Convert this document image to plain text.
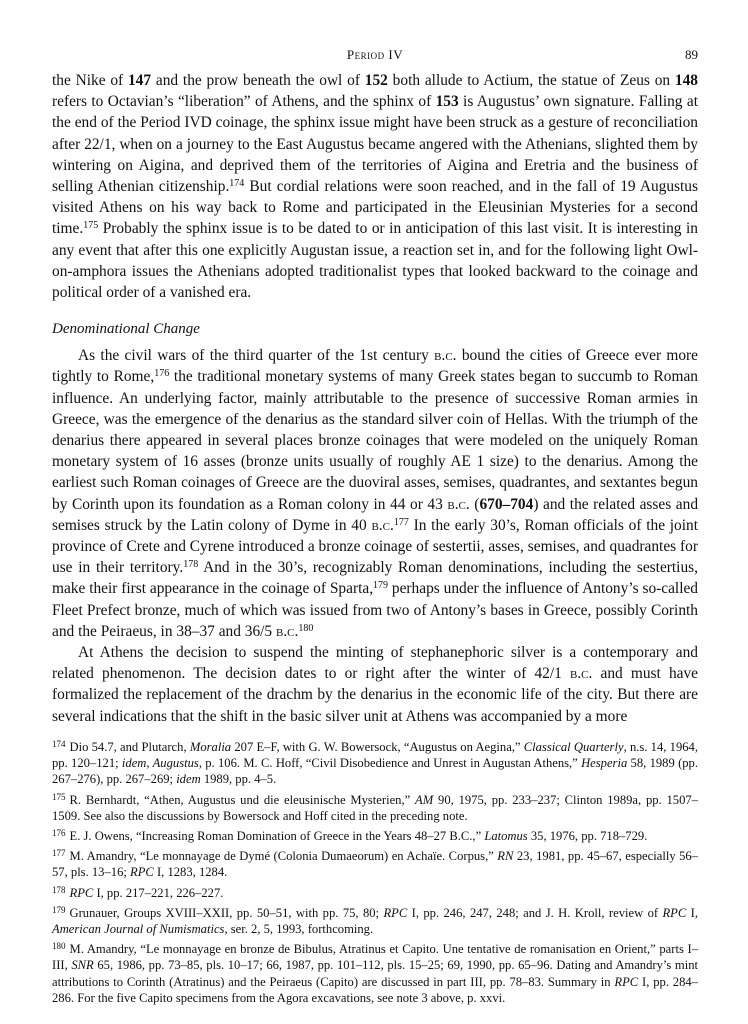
Period IV	89

the Nike of 147 and the prow beneath the owl of 152 both allude to Actium, the statue of Zeus on 148 refers to Octavian’s “liberation” of Athens, and the sphinx of 153 is Augustus’ own signature. Falling at the end of the Period IVD coinage, the sphinx issue might have been struck as a gesture of reconciliation after 22/1, when on a journey to the East Augustus became angered with the Athenians, slighted them by wintering on Aigina, and deprived them of the territories of Aigina and Eretria and the business of selling Athenian citizenship.$^{174}$ But cordial relations were soon reached, and in the fall of 19 Augustus visited Athens on his way back to Rome and participated in the Eleusinian Mysteries for a second time.$^{175}$ Probably the sphinx issue is to be dated to or in anticipation of this last visit. It is interesting in any event that after this one explicitly Augustan issue, a reaction set in, and for the following light Owl-on-amphora issues the Athenians adopted traditionalist types that looked backward to the coinage and political order of a vanished era.

Denominational Change

As the civil wars of the third quarter of the 1st century b.c. bound the cities of Greece ever more tightly to Rome,$^{176}$ the traditional monetary systems of many Greek states began to succumb to Roman influence. An underlying factor, mainly attributable to the presence of successive Roman armies in Greece, was the emergence of the denarius as the standard silver coin of Hellas. With the triumph of the denarius there appeared in several places bronze coinages that were modeled on the uniquely Roman monetary system of 16 asses (bronze units usually of roughly AE 1 size) to the denarius. Among the earliest such Roman coinages of Greece are the duoviral asses, semises, quadrantes, and sextantes begun by Corinth upon its foundation as a Roman colony in 44 or 43 b.c. (670–704) and the related asses and semises struck by the Latin colony of Dyme in 40 b.c.$^{177}$ In the early 30’s, Roman officials of the joint province of Crete and Cyrene introduced a bronze coinage of sestertii, asses, semises, and quadrantes for use in their territory.$^{178}$ And in the 30’s, recognizably Roman denominations, including the sestertius, make their first appearance in the coinage of Sparta,$^{179}$ perhaps under the influence of Antony’s so-called Fleet Prefect bronze, much of which was issued from two of Antony’s bases in Greece, possibly Corinth and the Peiraeus, in 38–37 and 36/5 b.c.$^{180}$

At Athens the decision to suspend the minting of stephanephoric silver is a contemporary and related phenomenon. The decision dates to or right after the winter of 42/1 b.c. and must have formalized the replacement of the drachm by the denarius in the economic life of the city. But there are several indications that the shift in the basic silver unit at Athens was accompanied by a more

$^{174}$ Dio 54.7, and Plutarch, Moralia 207 E–F, with G. W. Bowersock, “Augustus on Aegina,” Classical Quarterly, n.s. 14, 1964, pp. 120–121; idem, Augustus, p. 106. M. C. Hoff, “Civil Disobedience and Unrest in Augustan Athens,” Hesperia 58, 1989 (pp. 267–276), pp. 267–269; idem 1989, pp. 4–5.

$^{175}$ R. Bernhardt, “Athen, Augustus und die eleusinische Mysterien,” AM 90, 1975, pp. 233–237; Clinton 1989a, pp. 1507–1509. See also the discussions by Bowersock and Hoff cited in the preceding note.

$^{176}$ E. J. Owens, “Increasing Roman Domination of Greece in the Years 48–27 B.C.,” Latomus 35, 1976, pp. 718–729.

$^{177}$ M. Amandry, “Le monnayage de Dymé (Colonia Dumaeorum) en Achaïe. Corpus,” RN 23, 1981, pp. 45–67, especially 56–57, pls. 13–16; RPC I, 1283, 1284.

$^{178}$ RPC I, pp. 217–221, 226–227.

$^{179}$ Grunauer, Groups XVIII–XXII, pp. 50–51, with pp. 75, 80; RPC I, pp. 246, 247, 248; and J. H. Kroll, review of RPC I, American Journal of Numismatics, ser. 2, 5, 1993, forthcoming.

$^{180}$ M. Amandry, “Le monnayage en bronze de Bibulus, Atratinus et Capito. Une tentative de romanisation en Orient,” parts I–III, SNR 65, 1986, pp. 73–85, pls. 10–17; 66, 1987, pp. 101–112, pls. 15–25; 69, 1990, pp. 65–96. Dating and Amandry’s mint attributions to Corinth (Atratinus) and the Peiraeus (Capito) are discussed in part III, pp. 78–83. Summary in RPC I, pp. 284–286. For the five Capito specimens from the Agora excavations, see note 3 above, p. xxvi.
